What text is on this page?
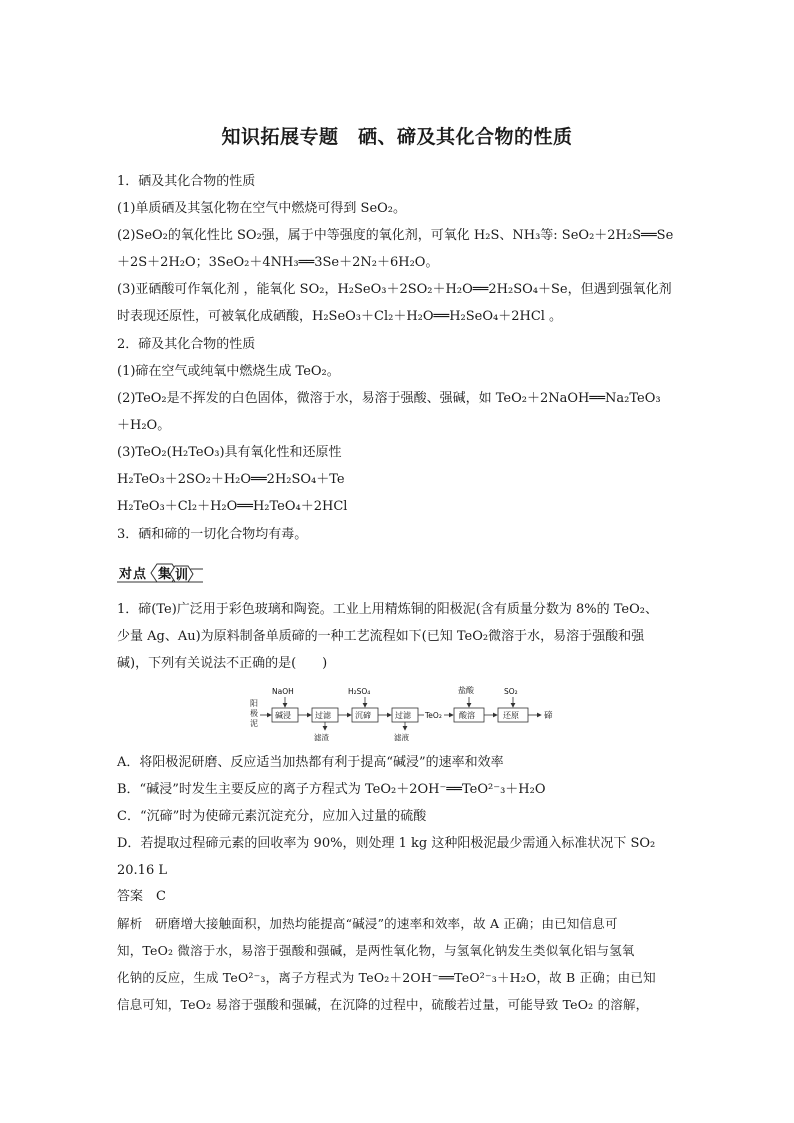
知识拓展专题　硒、碲及其化合物的性质
1．硒及其化合物的性质
(1)单质硒及其氢化物在空气中燃烧可得到 SeO₂。
(2)SeO₂的氧化性比 SO₂强，属于中等强度的氧化剂，可氧化 H₂S、NH₃等: SeO₂＋2H₂S══Se
＋2S＋2H₂O；3SeO₂＋4NH₃══3Se＋2N₂＋6H₂O。
(3)亚硒酸可作氧化剂 ，能氧化 SO₂，H₂SeO₃＋2SO₂＋H₂O══2H₂SO₄＋Se，但遇到强氧化剂
时表现还原性，可被氧化成硒酸，H₂SeO₃＋Cl₂＋H₂O══H₂SeO₄＋2HCl 。
2．碲及其化合物的性质
(1)碲在空气或纯氧中燃烧生成 TeO₂。
(2)TeO₂是不挥发的白色固体，微溶于水，易溶于强酸、强碱，如 TeO₂＋2NaOH══Na₂TeO₃
＋H₂O。
(3)TeO₂(H₂TeO₃)具有氧化性和还原性
H₂TeO₃＋2SO₂＋H₂O══2H₂SO₄＋Te
H₂TeO₃＋Cl₂＋H₂O══H₂TeO₄＋2HCl
3．硒和碲的一切化合物均有毒。
对 点 集 训
1．碲(Te)广泛用于彩色玻璃和陶瓷。工业上用精炼铜的阳极泥(含有质量分数为 8%的 TeO₂、
少量 Ag、Au)为原料制备单质碲的一种工艺流程如下(已知 TeO₂微溶于水，易溶于强酸和强
碱)，下列有关说法不正确的是(　　)
阳
极
泥
碱浸
NaOH
过滤
滤渣
沉碲
H₂SO₄
过滤
滤液
TeO₂ 酸溶
盐酸
还原
SO₂
碲
A．将阳极泥研磨、反应适当加热都有利于提高“碱浸”的速率和效率
B．“碱浸”时发生主要反应的离子方程式为 TeO₂＋2OH⁻══TeO²⁻₃＋H₂O
C．“沉碲”时为使碲元素沉淀充分，应加入过量的硫酸
D．若提取过程碲元素的回收率为 90%，则处理 1 kg 这种阳极泥最少需通入标准状况下 SO₂
20.16 L
答案　C
解析　研磨增大接触面积，加热均能提高“碱浸”的速率和效率，故 A 正确；由已知信息可
知，TeO₂ 微溶于水，易溶于强酸和强碱，是两性氧化物，与氢氧化钠发生类似氧化铝与氢氧
化钠的反应，生成 TeO²⁻₃，离子方程式为 TeO₂＋2OH⁻══TeO²⁻₃＋H₂O，故 B 正确；由已知
信息可知，TeO₂ 易溶于强酸和强碱，在沉降的过程中，硫酸若过量，可能导致 TeO₂ 的溶解，
